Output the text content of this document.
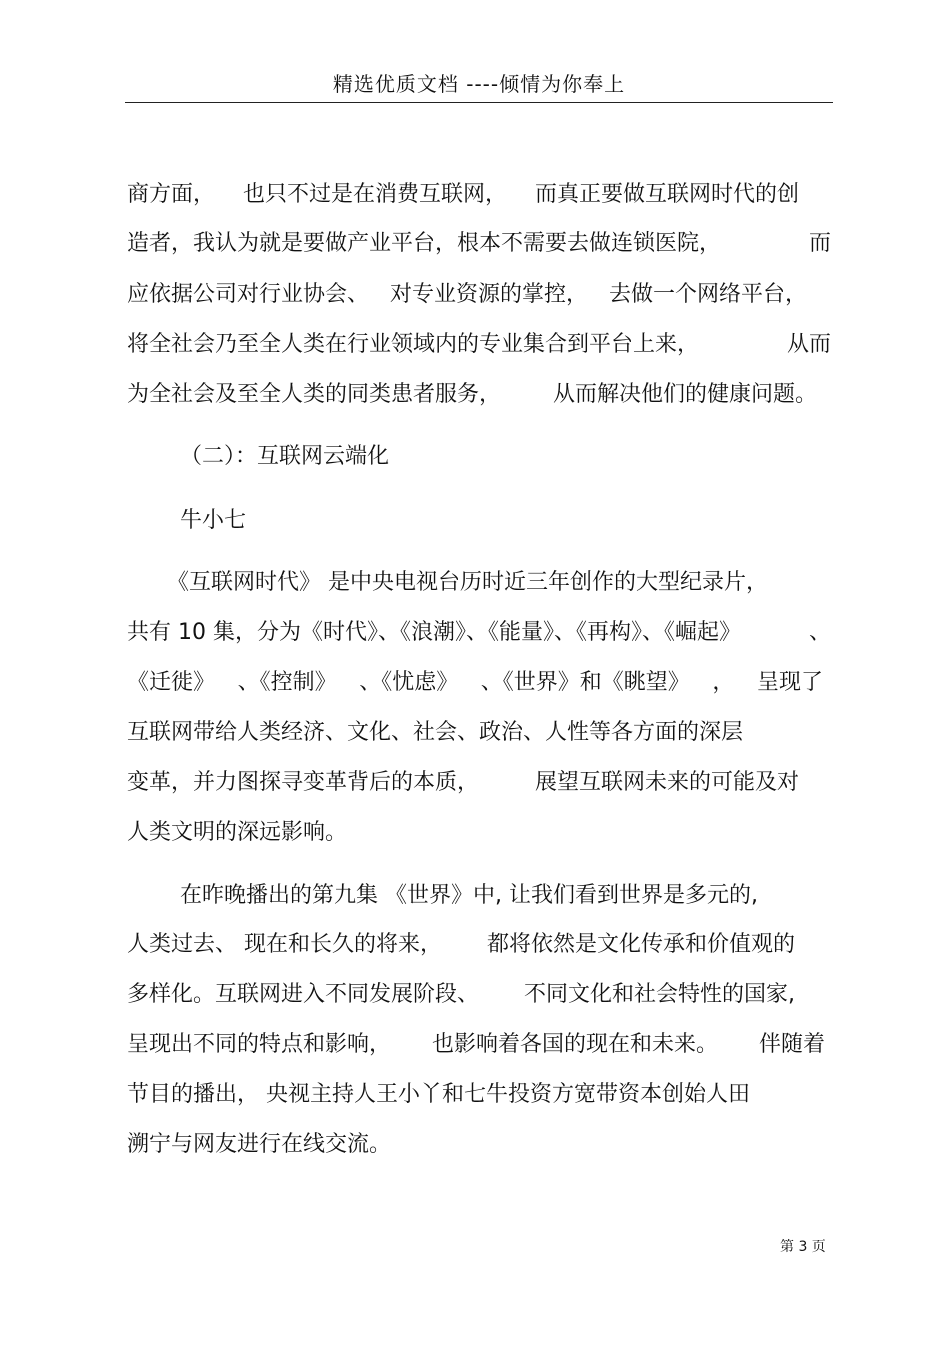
精选优质文档 ----倾情为你奉上
商方面， 也只不过是在消费互联网， 而真正要做互联网时代的创
造者，我认为就是要做产业平台，根本不需要去做连锁医院，	而
应依据公司对行业协会、 对专业资源的掌控， 去做一个网络平台，
将全社会乃至全人类在行业领域内的专业集合到平台上来，	从而
为全社会及至全人类的同类患者服务， 从而解决他们的健康问题。
（二）：互联网云端化
牛小七
《互联网时代》 是中央电视台历时近三年创作的大型纪录片，
共有 10 集，分为《时代》、《浪潮》、《能量》、《再构》、《崛起》	、
《迁徙》 、《控制》 、《忧虑》 、《世界》和《眺望》 ， 呈现了
互联网带给人类经济、文化、社会、政治、人性等各方面的深层
变革，并力图探寻变革背后的本质，	展望互联网未来的可能及对
人类文明的深远影响。
在昨晚播出的第九集 《世界》中, 让我们看到世界是多元的,
人类过去、 现在和长久的将来， 都将依然是文化传承和价值观的
多样化。互联网进入不同发展阶段、 不同文化和社会特性的国家,
呈现出不同的特点和影响， 也影响着各国的现在和未来。 伴随着
节目的播出， 央视主持人王小丫和七牛投资方宽带资本创始人田
溯宁与网友进行在线交流。
第 3 页
